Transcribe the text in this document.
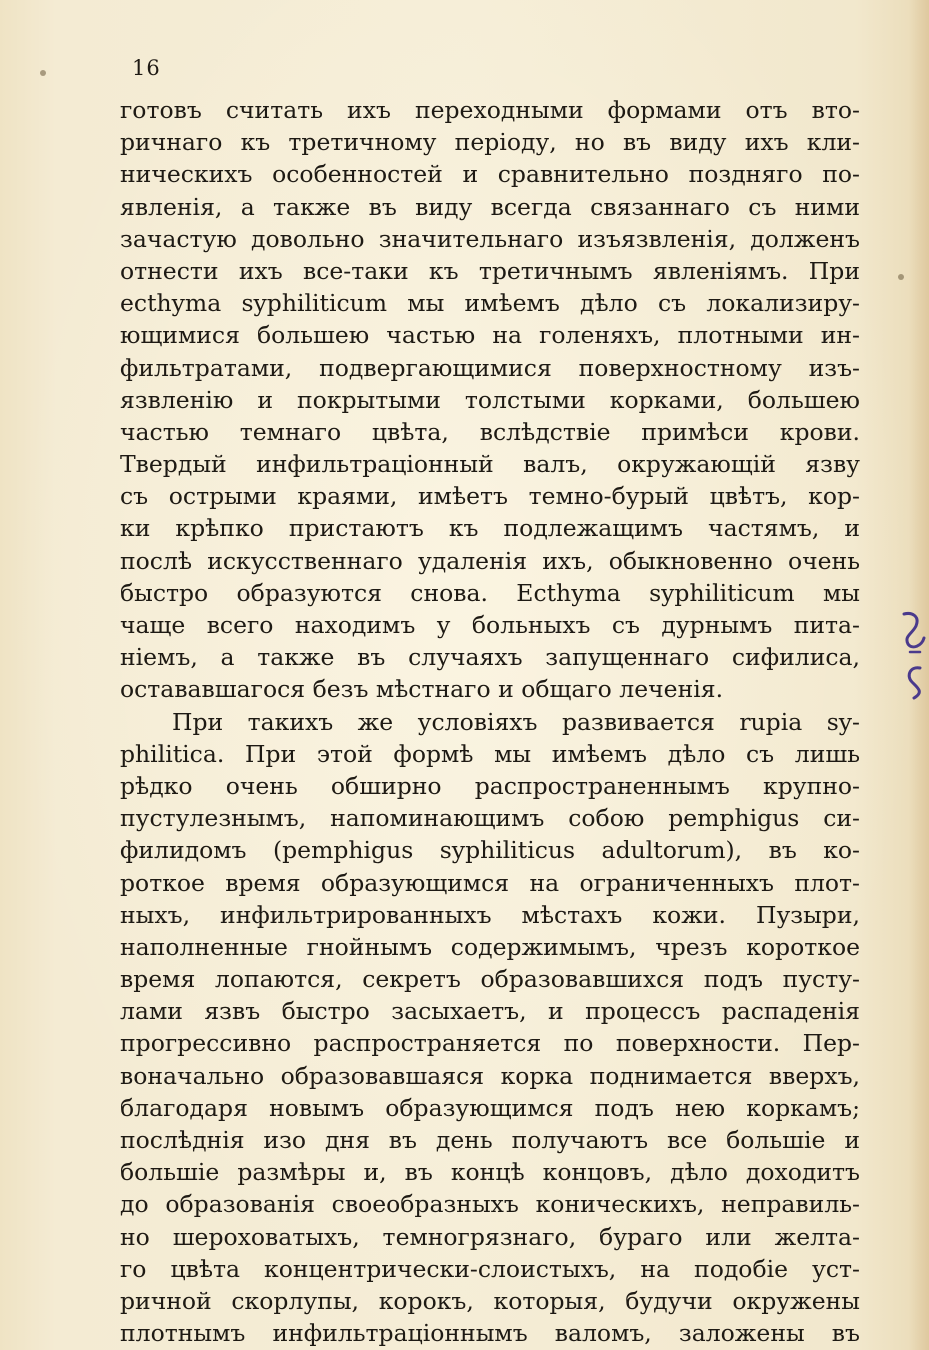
16
готовъ считать ихъ переходными формами отъ вто-
ричнаго къ третичному періоду, но въ виду ихъ кли-
ническихъ особенностей и сравнительно поздняго по-
явленія, а также въ виду всегда связаннаго съ ними
зачастую довольно значительнаго изъязвленія, долженъ
отнести ихъ все-таки къ третичнымъ явленіямъ. При
ecthyma syphiliticum мы имѣемъ дѣло съ локализиру-
ющимися большею частью на голеняхъ, плотными ин-
фильтратами, подвергающимися поверхностному изъ-
язвленію и покрытыми толстыми корками, большею
частью темнаго цвѣта, вслѣдствіе примѣси крови.
Твердый инфильтраціонный валъ, окружающій язву
съ острыми краями, имѣетъ темно-бурый цвѣтъ, кор-
ки крѣпко пристаютъ къ подлежащимъ частямъ, и
послѣ искусственнаго удаленія ихъ, обыкновенно очень
быстро образуются снова. Ecthyma syphiliticum мы
чаще всего находимъ у больныхъ съ дурнымъ пита-
ніемъ, а также въ случаяхъ запущеннаго сифилиса,
остававшагося безъ мѣстнаго и общаго леченія.
При такихъ же условіяхъ развивается rupia sy-
philitica. При этой формѣ мы имѣемъ дѣло съ лишь
рѣдко очень обширно распространеннымъ крупно-
пустулезнымъ, напоминающимъ собою pemphigus си-
филидомъ (pemphigus syphiliticus adultorum), въ ко-
роткое время образующимся на ограниченныхъ плот-
ныхъ, инфильтрированныхъ мѣстахъ кожи. Пузыри,
наполненные гнойнымъ содержимымъ, чрезъ короткое
время лопаются, секретъ образовавшихся подъ пусту-
лами язвъ быстро засыхаетъ, и процессъ распаденія
прогрессивно распространяется по поверхности. Пер-
воначально образовавшаяся корка поднимается вверхъ,
благодаря новымъ образующимся подъ нею коркамъ;
послѣднія изо дня въ день получаютъ все большіе и
большіе размѣры и, въ концѣ концовъ, дѣло доходитъ
до образованія своеобразныхъ коническихъ, неправиль-
но шероховатыхъ, темногрязнаго, бураго или желта-
го цвѣта концентрически-слоистыхъ, на подобіе уст-
ричной скорлупы, корокъ, которыя, будучи окружены
плотнымъ инфильтраціоннымъ валомъ, заложены въ
